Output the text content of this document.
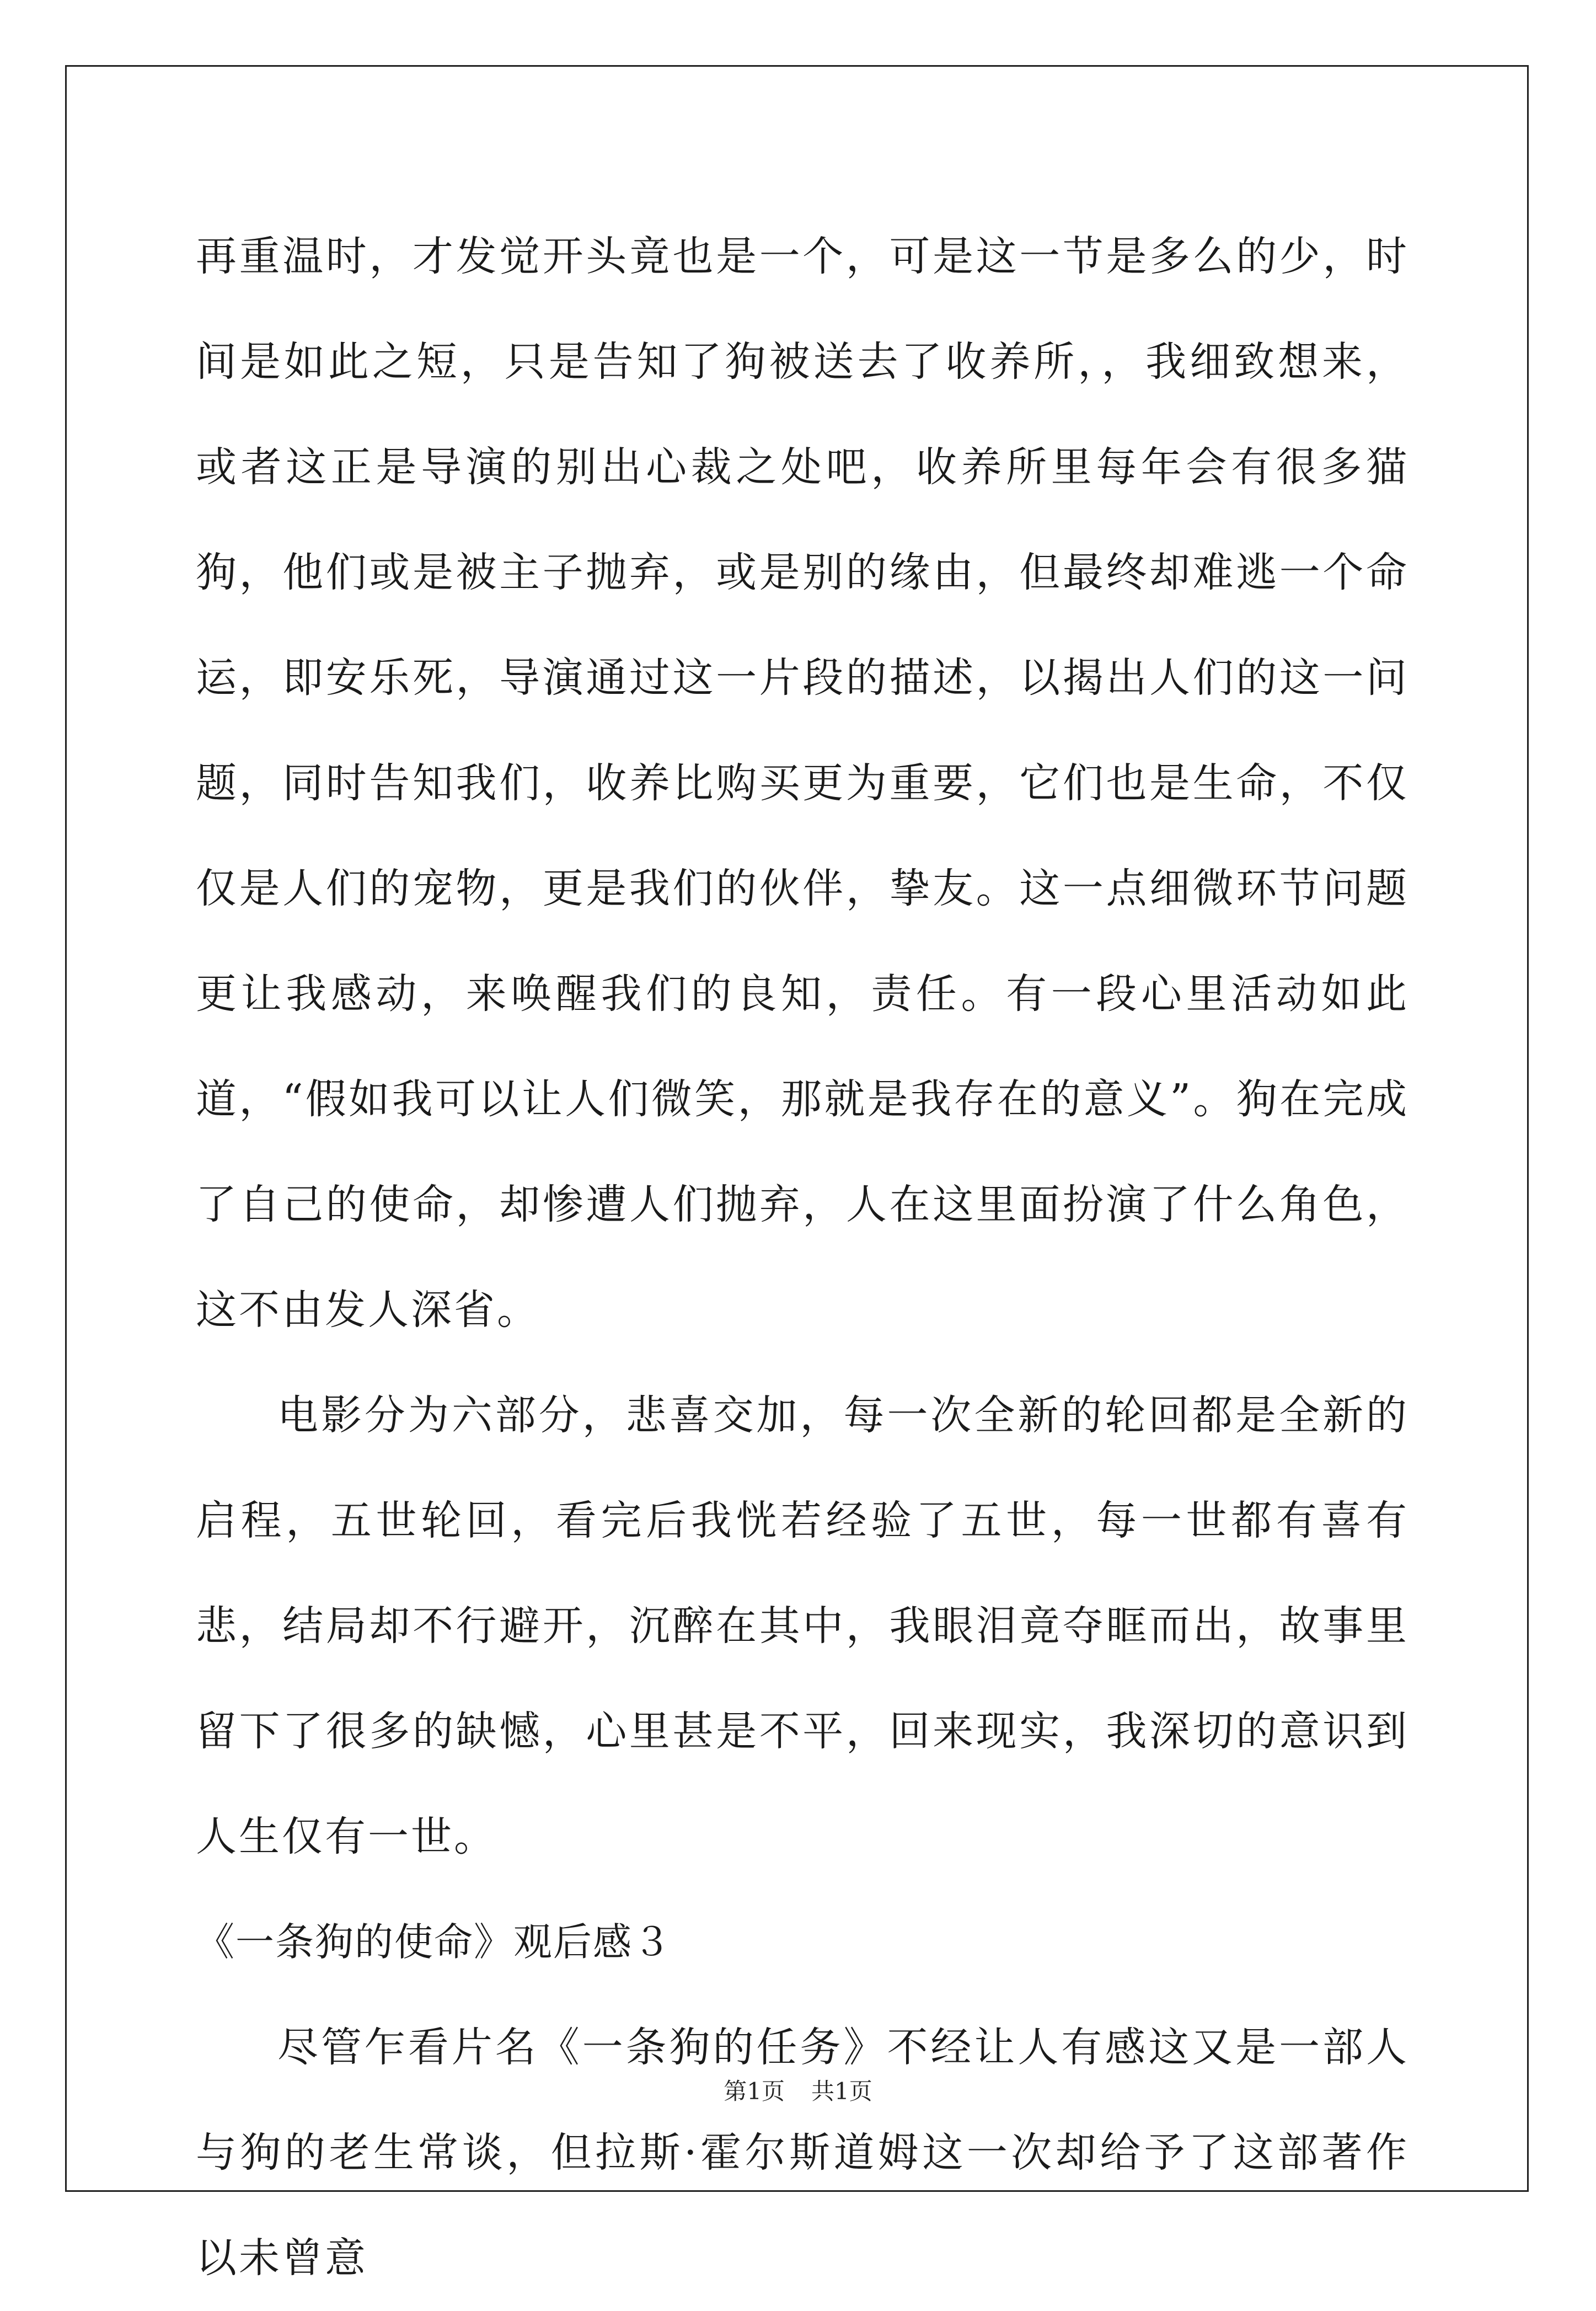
再重温时，才发觉开头竟也是一个，可是这一节是多么的少，时间是如此之短，只是告知了狗被送去了收养所，，我细致想来，或者这正是导演的别出心裁之处吧，收养所里每年会有很多猫狗，他们或是被主子抛弃，或是别的缘由，但最终却难逃一个命运，即安乐死，导演通过这一片段的描述，以揭出人们的这一问题，同时告知我们，收养比购买更为重要，它们也是生命，不仅仅是人们的宠物，更是我们的伙伴，挚友。这一点细微环节问题更让我感动，来唤醒我们的良知，责任。有一段心里活动如此道，“假如我可以让人们微笑，那就是我存在的意义”。狗在完成了自己的使命，却惨遭人们抛弃，人在这里面扮演了什么角色，这不由发人深省。

电影分为六部分，悲喜交加，每一次全新的轮回都是全新的启程，五世轮回，看完后我恍若经验了五世，每一世都有喜有悲，结局却不行避开，沉醉在其中，我眼泪竟夺眶而出，故事里留下了很多的缺憾，心里甚是不平，回来现实，我深切的意识到人生仅有一世。

《一条狗的使命》观后感３

尽管乍看片名《一条狗的任务》不经让人有感这又是一部人与狗的老生常谈，但拉斯·霍尔斯道姆这一次却给予了这部著作以未曾意

第1页 共1页
